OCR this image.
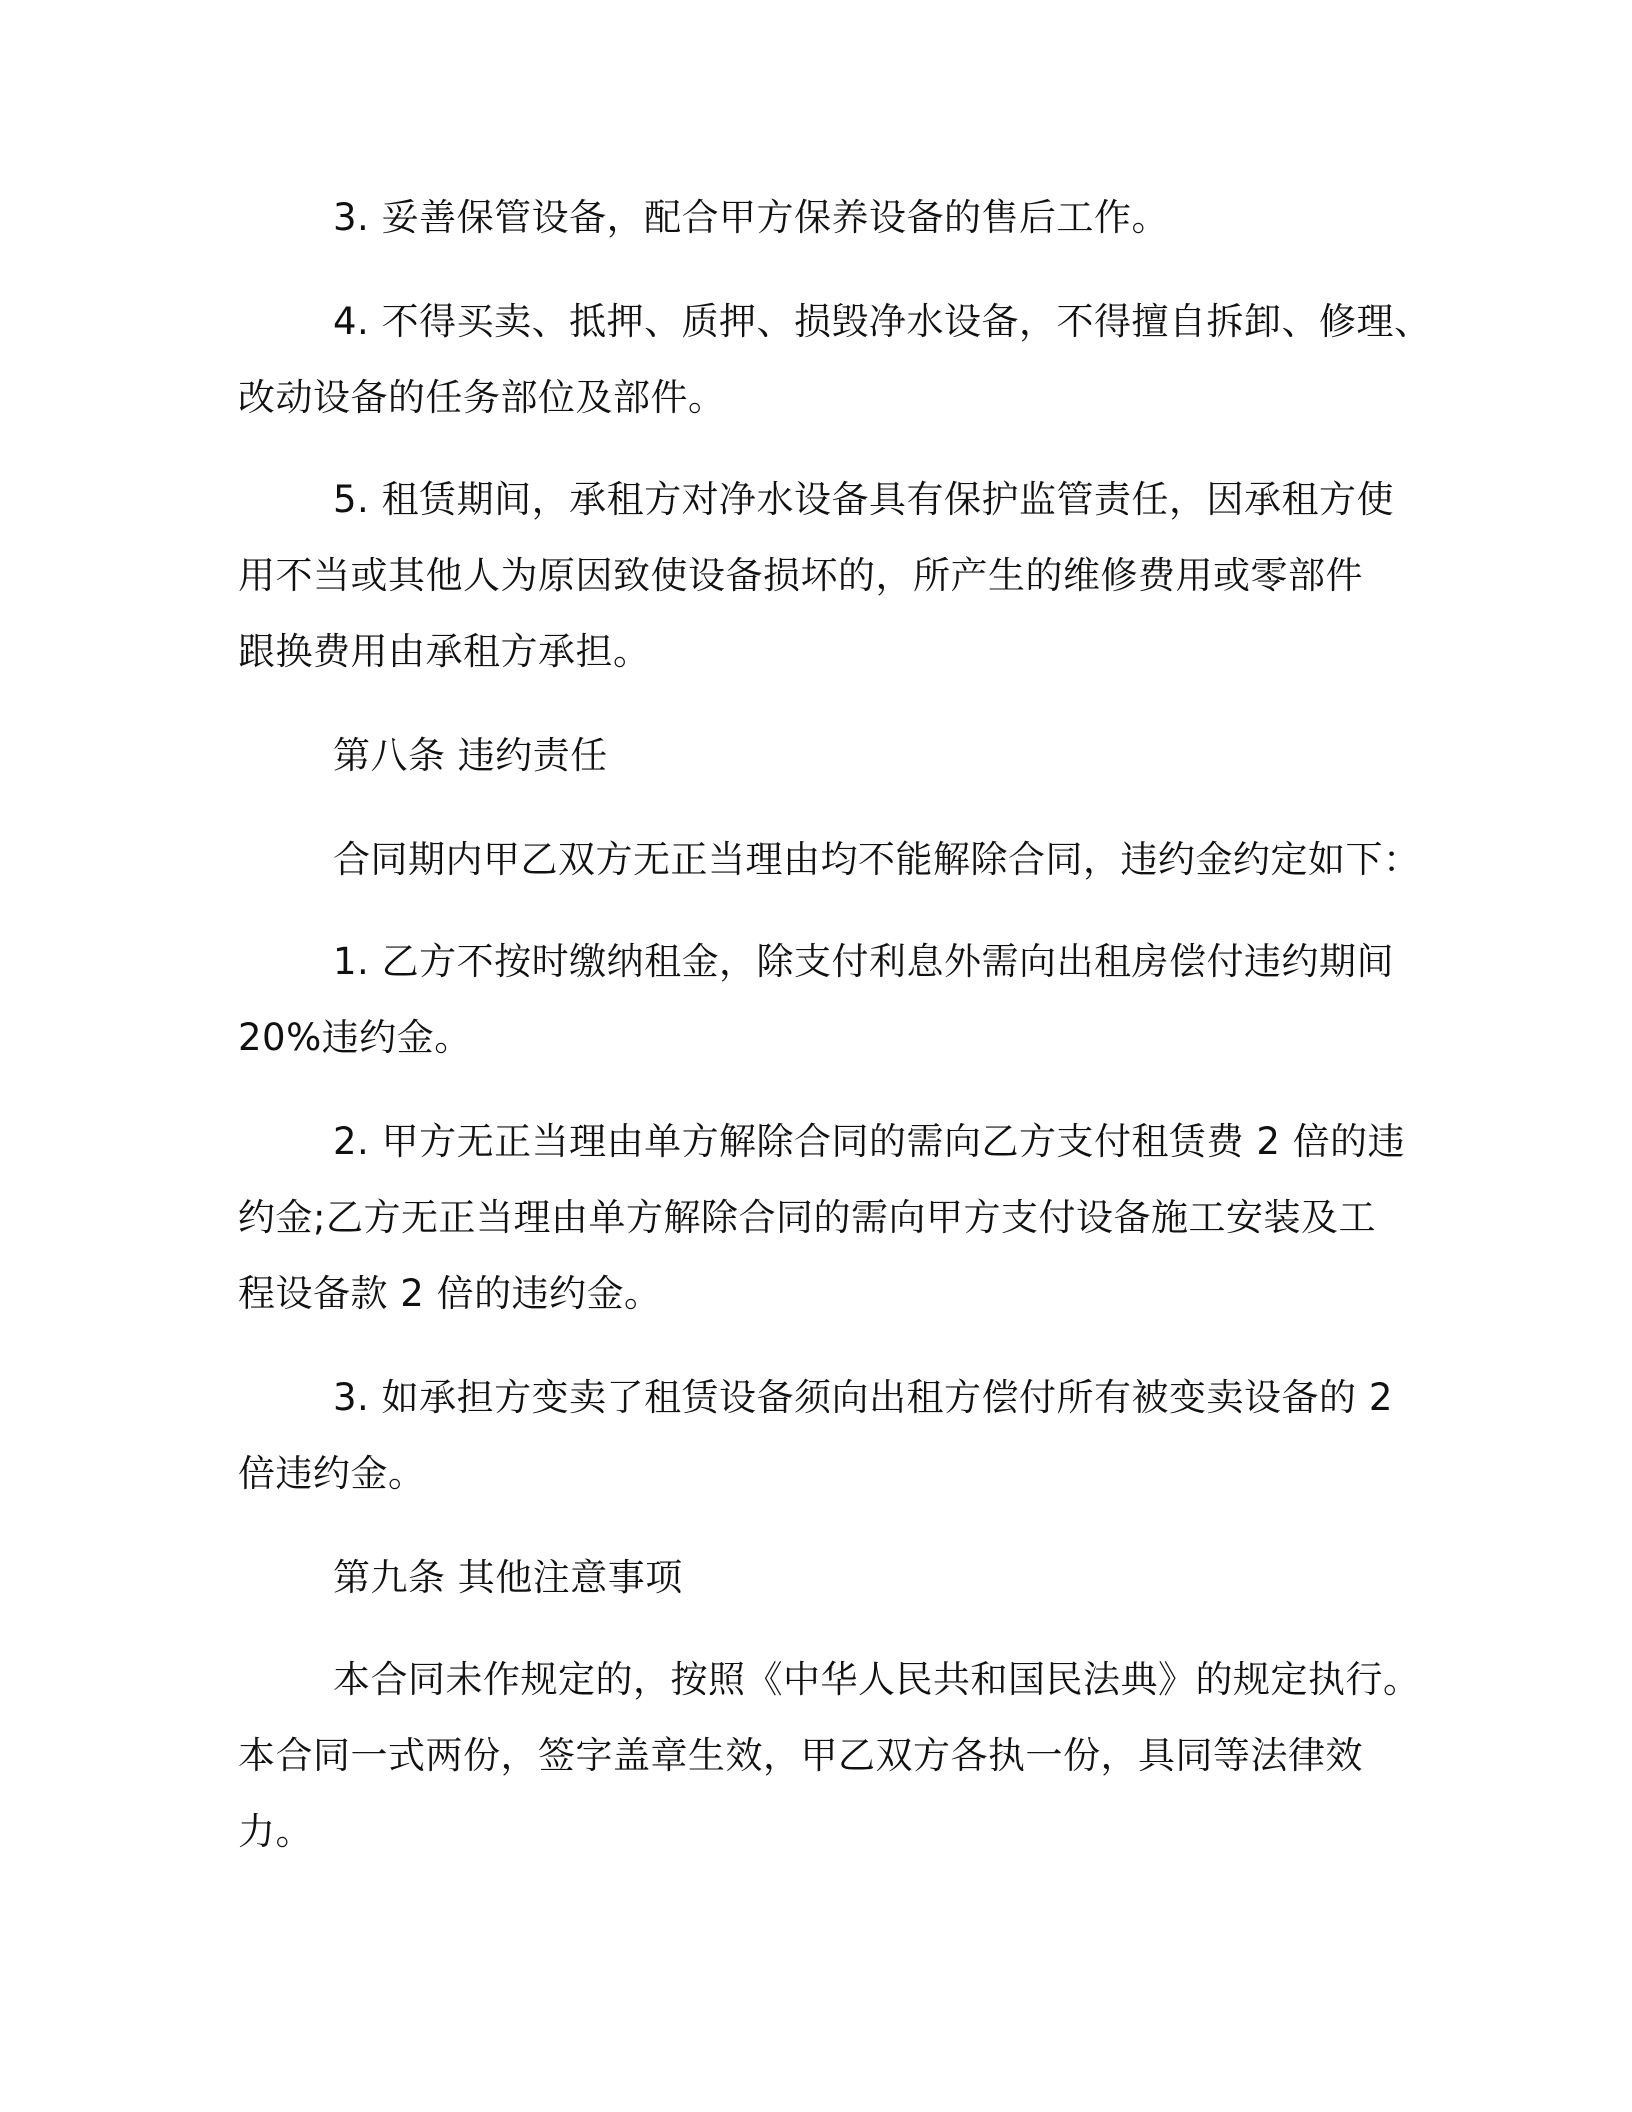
3. 妥善保管设备，配合甲方保养设备的售后工作。
4. 不得买卖、抵押、质押、损毁净水设备，不得擅自拆卸、修理、
改动设备的任务部位及部件。
5. 租赁期间，承租方对净水设备具有保护监管责任，因承租方使
用不当或其他人为原因致使设备损坏的，所产生的维修费用或零部件
跟换费用由承租方承担。
第八条 违约责任
合同期内甲乙双方无正当理由均不能解除合同，违约金约定如下：
1. 乙方不按时缴纳租金，除支付利息外需向出租房偿付违约期间
20%违约金。
2. 甲方无正当理由单方解除合同的需向乙方支付租赁费 2 倍的违
约金;乙方无正当理由单方解除合同的需向甲方支付设备施工安装及工
程设备款 2 倍的违约金。
3. 如承担方变卖了租赁设备须向出租方偿付所有被变卖设备的 2
倍违约金。
第九条 其他注意事项
本合同未作规定的，按照《中华人民共和国民法典》的规定执行。
本合同一式两份，签字盖章生效，甲乙双方各执一份，具同等法律效
力。
